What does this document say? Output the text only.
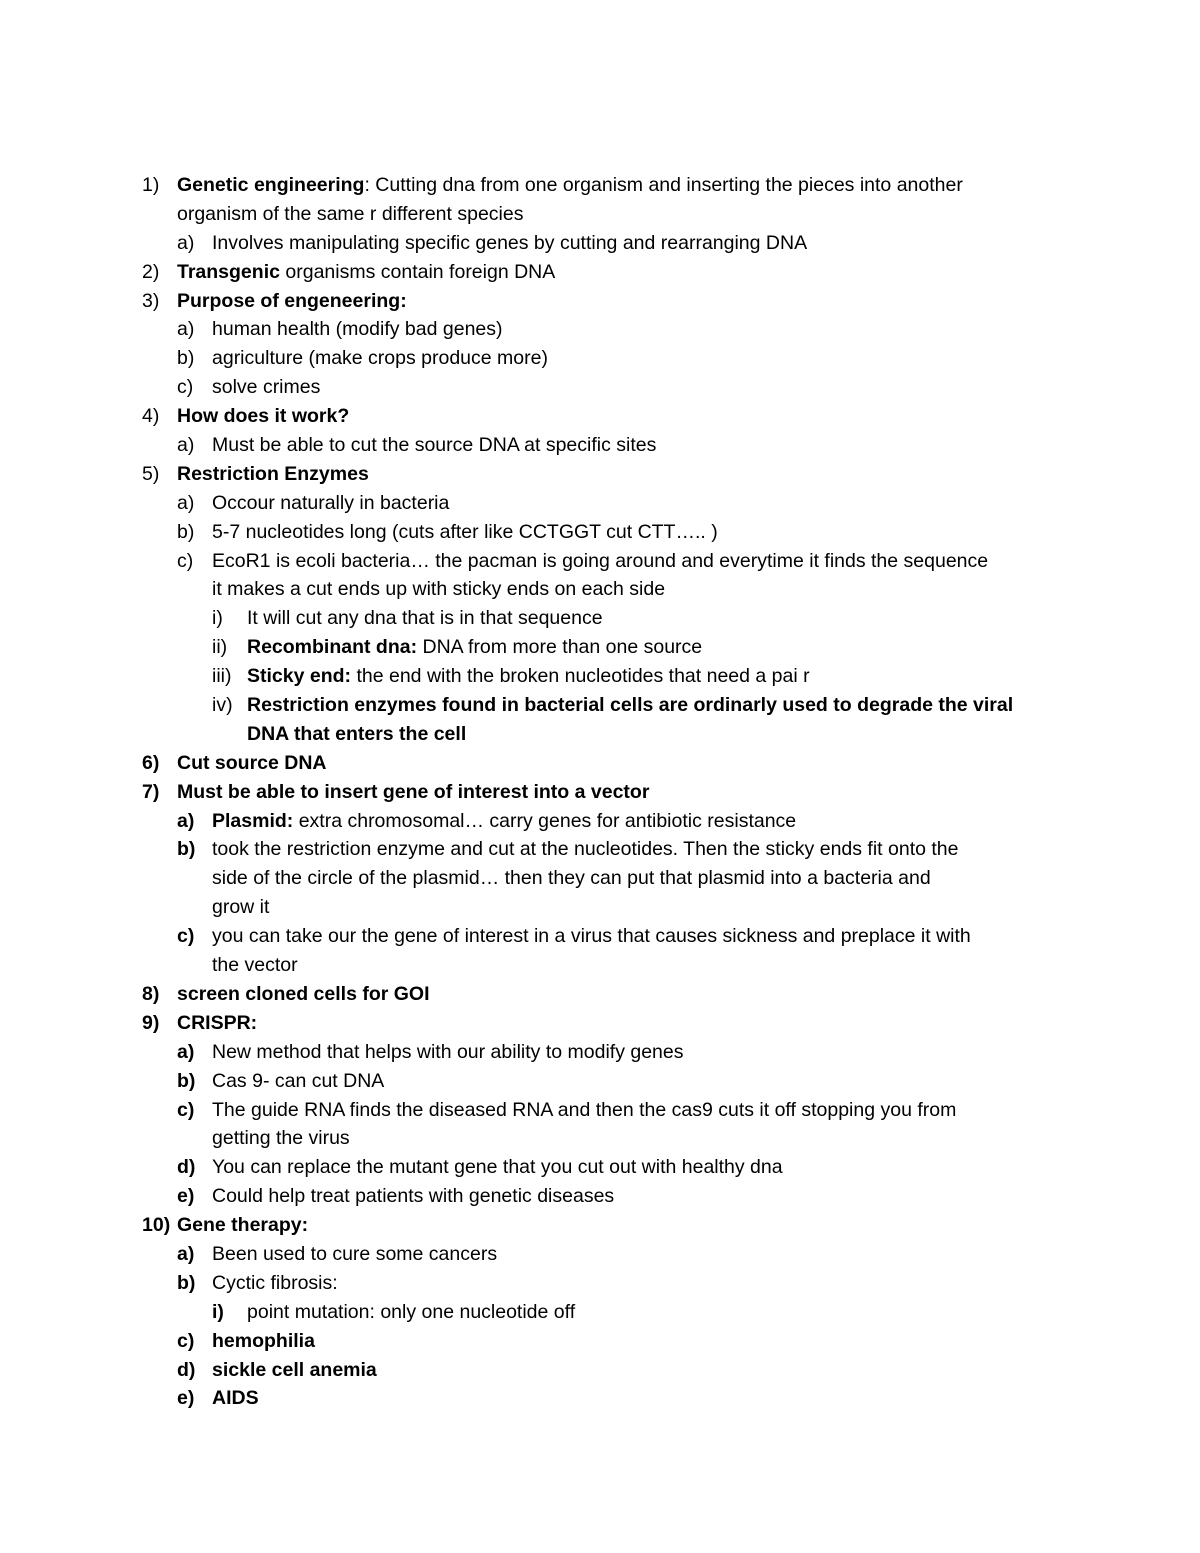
1) Genetic engineering: Cutting dna from one organism and inserting the pieces into another
organism of the same r different species
a) Involves manipulating specific genes by cutting and rearranging DNA
2) Transgenic organisms contain foreign DNA
3) Purpose of engeneering:
a) human health (modify bad genes)
b) agriculture (make crops produce more)
c) solve crimes
4) How does it work?
a) Must be able to cut the source DNA at specific sites
5) Restriction Enzymes
a) Occour naturally in bacteria
b) 5-7 nucleotides long (cuts after like CCTGGT cut CTT….. )
c) EcoR1 is ecoli bacteria… the pacman is going around and everytime it finds the sequence
it makes a cut ends up with sticky ends on each side
i) It will cut any dna that is in that sequence
ii) Recombinant dna: DNA from more than one source
iii) Sticky end: the end with the broken nucleotides that need a pai r
iv) Restriction enzymes found in bacterial cells are ordinarly used to degrade the viral
DNA that enters the cell
6) Cut source DNA
7) Must be able to insert gene of interest into a vector
a) Plasmid: extra chromosomal… carry genes for antibiotic resistance
b) took the restriction enzyme and cut at the nucleotides. Then the sticky ends fit onto the
side of the circle of the plasmid… then they can put that plasmid into a bacteria and
grow it
c) you can take our the gene of interest in a virus that causes sickness and preplace it with
the vector
8) screen cloned cells for GOI
9) CRISPR:
a) New method that helps with our ability to modify genes
b) Cas 9- can cut DNA
c) The guide RNA finds the diseased RNA and then the cas9 cuts it off stopping you from
getting the virus
d) You can replace the mutant gene that you cut out with healthy dna
e) Could help treat patients with genetic diseases
10) Gene therapy:
a) Been used to cure some cancers
b) Cyctic fibrosis:
i) point mutation: only one nucleotide off
c) hemophilia
d) sickle cell anemia
e) AIDS
